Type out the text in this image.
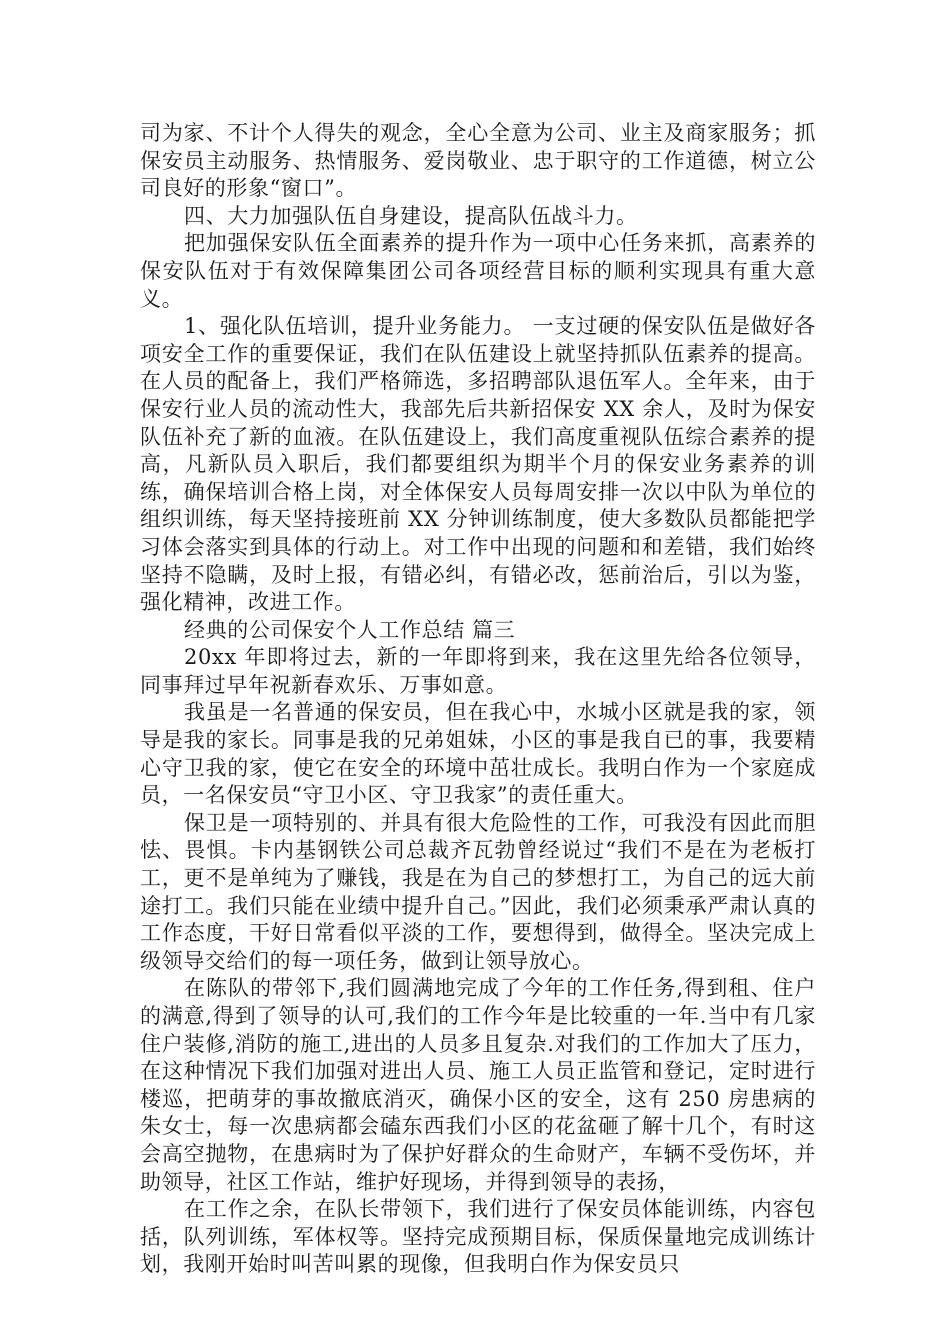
司为家、不计个人得失的观念，全心全意为公司、业主及商家服务；抓保安员主动服务、热情服务、爱岗敬业、忠于职守的工作道德，树立公司良好的形象“窗口”。

四、大力加强队伍自身建设，提高队伍战斗力。

把加强保安队伍全面素养的提升作为一项中心任务来抓，高素养的保安队伍对于有效保障集团公司各项经营目标的顺利实现具有重大意义。

1、强化队伍培训，提升业务能力。 一支过硬的保安队伍是做好各项安全工作的重要保证，我们在队伍建设上就坚持抓队伍素养的提高。在人员的配备上，我们严格筛选，多招聘部队退伍军人。全年来，由于保安行业人员的流动性大，我部先后共新招保安 XX 余人，及时为保安队伍补充了新的血液。在队伍建设上，我们高度重视队伍综合素养的提高，凡新队员入职后，我们都要组织为期半个月的保安业务素养的训练，确保培训合格上岗，对全体保安人员每周安排一次以中队为单位的组织训练，每天坚持接班前 XX 分钟训练制度，使大多数队员都能把学习体会落实到具体的行动上。对工作中出现的问题和和差错，我们始终坚持不隐瞒，及时上报，有错必纠，有错必改，惩前治后，引以为鉴，强化精神，改进工作。

经典的公司保安个人工作总结 篇三

20xx 年即将过去，新的一年即将到来，我在这里先给各位领导，同事拜过早年祝新春欢乐、万事如意。

我虽是一名普通的保安员，但在我心中，水城小区就是我的家，领导是我的家长。同事是我的兄弟姐妹，小区的事是我自已的事，我要精心守卫我的家，使它在安全的环境中茁壮成长。我明白作为一个家庭成员，一名保安员“守卫小区、守卫我家”的责任重大。

保卫是一项特别的、并具有很大危险性的工作，可我没有因此而胆怯、畏惧。卡内基钢铁公司总裁齐瓦勃曾经说过“我们不是在为老板打工，更不是单纯为了赚钱，我是在为自己的梦想打工，为自己的远大前途打工。我们只能在业绩中提升自己。”因此，我们必须秉承严肃认真的工作态度，干好日常看似平淡的工作，要想得到，做得全。坚决完成上级领导交给们的每一项任务，做到让领导放心。

在陈队的带邻下,我们圆满地完成了今年的工作任务,得到租、住户的满意,得到了领导的认可,我们的工作今年是比较重的一年.当中有几家住户装修,消防的施工,进出的人员多且复杂.对我们的工作加大了压力，在这种情况下我们加强对进出人员、施工人员正监管和登记，定时进行楼巡，把萌芽的事故撤底消灭，确保小区的安全，这有 250 房患病的朱女士，每一次患病都会磕东西我们小区的花盆砸了解十几个，有时这会高空抛物，在患病时为了保护好群众的生命财产，车辆不受伤坏，并 助领导，社区工作站，维护好现场，并得到领导的表扬，

在工作之余，在队长带领下，我们进行了保安员体能训练，内容包括，队列训练，军体权等。坚持完成预期目标，保质保量地完成训练计划，我刚开始时叫苦叫累的现像，但我明白作为保安员只
